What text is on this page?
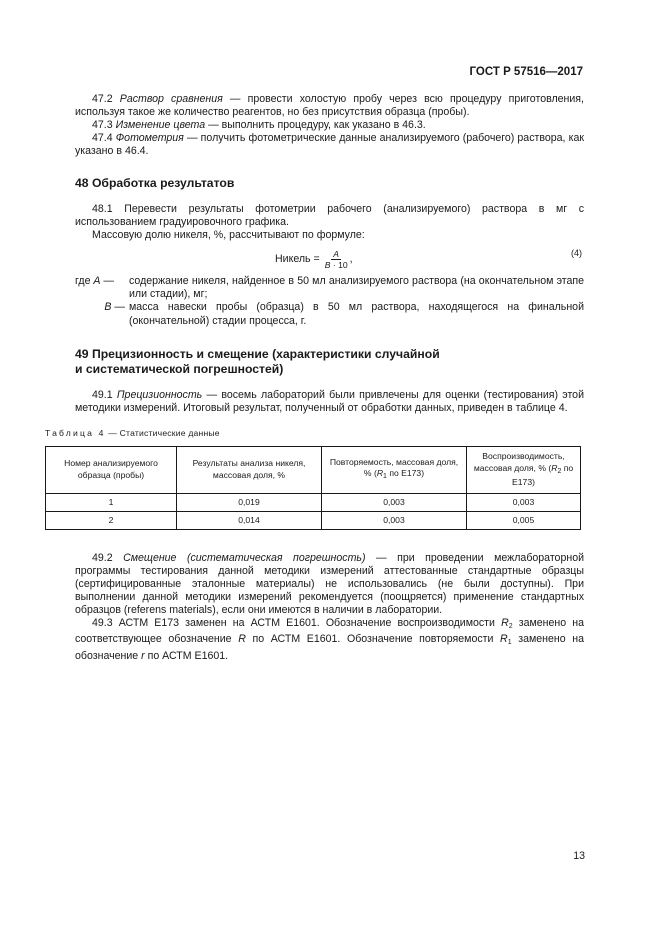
ГОСТ Р 57516—2017

47.2 Раствор сравнения — провести холостую пробу через всю процедуру приготовления, используя такое же количество реагентов, но без присутствия образца (пробы).

47.3 Изменение цвета — выполнить процедуру, как указано в 46.3.

47.4 Фотометрия — получить фотометрические данные анализируемого (рабочего) раствора, как указано в 46.4.

48 Обработка результатов

48.1 Перевести результаты фотометрии рабочего (анализируемого) раствора в мг с использованием градуировочного графика.

Массовую долю никеля, %, рассчитывают по формуле:

Никель = $\frac{A}{B \cdot 10}$ ,	(4)
где A —	содержание никеля, найденное в 50 мл анализируемого раствора (на окончательном этапе или стадии), мг;
B — масса навески пробы (образца) в 50 мл раствора, находящегося на финальной (окончательной) стадии процесса, г.
49 Прецизионность и смещение (характеристики случайной
и систематической погрешностей)

49.1 Прецизионность — восемь лабораторий были привлечены для оценки (тестирования) этой методики измерений. Итоговый результат, полученный от обработки данных, приведен в таблице 4.

Таблица 4 — Статистические данные
Номер анализируемого образца (пробы)	Результаты анализа никеля, массовая доля, %	Повторяемость, массовая доля, % ($R_1$ по E173)	Воспроизводимость, массовая доля, % ($R_2$ по E173)
1	0,019	0,003	0,003
2	0,014	0,003	0,005

49.2 Смещение (систематическая погрешность) — при проведении межлабораторной программы тестирования данной методики измерений аттестованные стандартные образцы (сертифицированные эталонные материалы) не использовались (не были доступны). При выполнении данной методики измерений рекомендуется (поощряется) применение стандартных образцов (referens materials), если они имеются в наличии в лаборатории.

49.3 АСТМ Е173 заменен на АСТМ Е1601. Обозначение воспроизводимости $R_2$ заменено на соответствующее обозначение R по АСТМ Е1601. Обозначение повторяемости $R_1$ заменено на обозначение r по АСТМ Е1601.

13
